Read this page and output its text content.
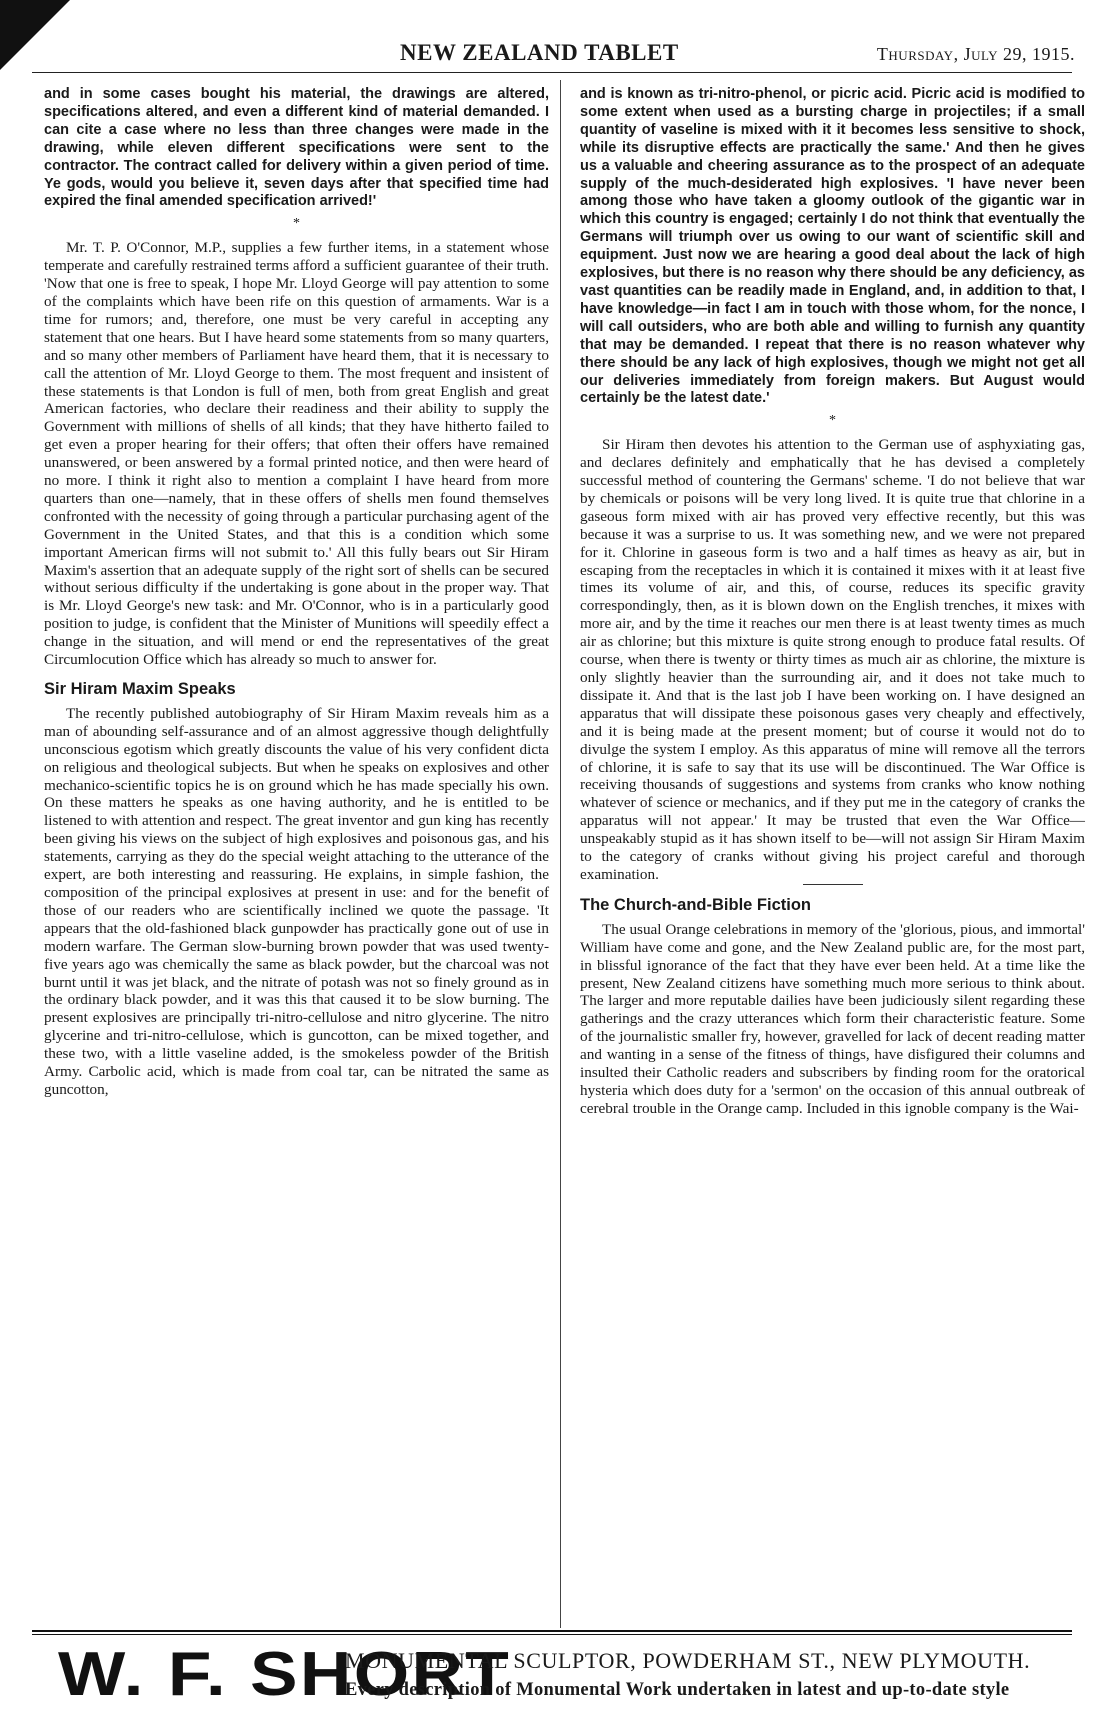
NEW ZEALAND TABLET	Thursday, July 29, 1915.

and in some cases bought his material, the drawings are altered, specifications altered, and even a different kind of material demanded. I can cite a case where no less than three changes were made in the drawing, while eleven different specifications were sent to the contractor. The contract called for delivery within a given period of time. Ye gods, would you believe it, seven days after that specified time had expired the final amended specification arrived!'

*

Mr. T. P. O'Connor, M.P., supplies a few further items, in a statement whose temperate and carefully restrained terms afford a sufficient guarantee of their truth. 'Now that one is free to speak, I hope Mr. Lloyd George will pay attention to some of the complaints which have been rife on this question of armaments. War is a time for rumors; and, therefore, one must be very careful in accepting any statement that one hears. But I have heard some statements from so many quarters, and so many other members of Parliament have heard them, that it is necessary to call the attention of Mr. Lloyd George to them. The most frequent and insistent of these statements is that London is full of men, both from great English and great American factories, who declare their readiness and their ability to supply the Government with millions of shells of all kinds; that they have hitherto failed to get even a proper hearing for their offers; that often their offers have remained unanswered, or been answered by a formal printed notice, and then were heard of no more. I think it right also to mention a complaint I have heard from more quarters than one—namely, that in these offers of shells men found themselves confronted with the necessity of going through a particular purchasing agent of the Government in the United States, and that this is a condition which some important American firms will not submit to.' All this fully bears out Sir Hiram Maxim's assertion that an adequate supply of the right sort of shells can be secured without serious difficulty if the undertaking is gone about in the proper way. That is Mr. Lloyd George's new task: and Mr. O'Connor, who is in a particularly good position to judge, is confident that the Minister of Munitions will speedily effect a change in the situation, and will mend or end the representatives of the great Circumlocution Office which has already so much to answer for.

Sir Hiram Maxim Speaks

The recently published autobiography of Sir Hiram Maxim reveals him as a man of abounding self-assurance and of an almost aggressive though delightfully unconscious egotism which greatly discounts the value of his very confident dicta on religious and theological subjects. But when he speaks on explosives and other mechanico-scientific topics he is on ground which he has made specially his own. On these matters he speaks as one having authority, and he is entitled to be listened to with attention and respect. The great inventor and gun king has recently been giving his views on the subject of high explosives and poisonous gas, and his statements, carrying as they do the special weight attaching to the utterance of the expert, are both interesting and reassuring. He explains, in simple fashion, the composition of the principal explosives at present in use: and for the benefit of those of our readers who are scientifically inclined we quote the passage. 'It appears that the old-fashioned black gunpowder has practically gone out of use in modern warfare. The German slow-burning brown powder that was used twenty-five years ago was chemically the same as black powder, but the charcoal was not burnt until it was jet black, and the nitrate of potash was not so finely ground as in the ordinary black powder, and it was this that caused it to be slow burning. The present explosives are principally tri-nitro-cellulose and nitro glycerine. The nitro glycerine and tri-nitro-cellulose, which is guncotton, can be mixed together, and these two, with a little vaseline added, is the smokeless powder of the British Army. Carbolic acid, which is made from coal tar, can be nitrated the same as guncotton,

and is known as tri-nitro-phenol, or picric acid. Picric acid is modified to some extent when used as a bursting charge in projectiles; if a small quantity of vaseline is mixed with it it becomes less sensitive to shock, while its disruptive effects are practically the same.' And then he gives us a valuable and cheering assurance as to the prospect of an adequate supply of the much-desiderated high explosives. 'I have never been among those who have taken a gloomy outlook of the gigantic war in which this country is engaged; certainly I do not think that eventually the Germans will triumph over us owing to our want of scientific skill and equipment. Just now we are hearing a good deal about the lack of high explosives, but there is no reason why there should be any deficiency, as vast quantities can be readily made in England, and, in addition to that, I have knowledge—in fact I am in touch with those whom, for the nonce, I will call outsiders, who are both able and willing to furnish any quantity that may be demanded. I repeat that there is no reason whatever why there should be any lack of high explosives, though we might not get all our deliveries immediately from foreign makers. But August would certainly be the latest date.'

*

Sir Hiram then devotes his attention to the German use of asphyxiating gas, and declares definitely and emphatically that he has devised a completely successful method of countering the Germans' scheme. 'I do not believe that war by chemicals or poisons will be very long lived. It is quite true that chlorine in a gaseous form mixed with air has proved very effective recently, but this was because it was a surprise to us. It was something new, and we were not prepared for it. Chlorine in gaseous form is two and a half times as heavy as air, but in escaping from the receptacles in which it is contained it mixes with it at least five times its volume of air, and this, of course, reduces its specific gravity correspondingly, then, as it is blown down on the English trenches, it mixes with more air, and by the time it reaches our men there is at least twenty times as much air as chlorine; but this mixture is quite strong enough to produce fatal results. Of course, when there is twenty or thirty times as much air as chlorine, the mixture is only slightly heavier than the surrounding air, and it does not take much to dissipate it. And that is the last job I have been working on. I have designed an apparatus that will dissipate these poisonous gases very cheaply and effectively, and it is being made at the present moment; but of course it would not do to divulge the system I employ. As this apparatus of mine will remove all the terrors of chlorine, it is safe to say that its use will be discontinued. The War Office is receiving thousands of suggestions and systems from cranks who know nothing whatever of science or mechanics, and if they put me in the category of cranks the apparatus will not appear.' It may be trusted that even the War Office—unspeakably stupid as it has shown itself to be—will not assign Sir Hiram Maxim to the category of cranks without giving his project careful and thorough examination.

The Church-and-Bible Fiction

The usual Orange celebrations in memory of the 'glorious, pious, and immortal' William have come and gone, and the New Zealand public are, for the most part, in blissful ignorance of the fact that they have ever been held. At a time like the present, New Zealand citizens have something much more serious to think about. The larger and more reputable dailies have been judiciously silent regarding these gatherings and the crazy utterances which form their characteristic feature. Some of the journalistic smaller fry, however, gravelled for lack of decent reading matter and wanting in a sense of the fitness of things, have disfigured their columns and insulted their Catholic readers and subscribers by finding room for the oratorical hysteria which does duty for a 'sermon' on the occasion of this annual outbreak of cerebral trouble in the Orange camp. Included in this ignoble company is the Wai-

W. F. SHORT
MONUMENTAL SCULPTOR, POWDERHAM ST., NEW PLYMOUTH.
Every description of Monumental Work undertaken in latest and up-to-date style
